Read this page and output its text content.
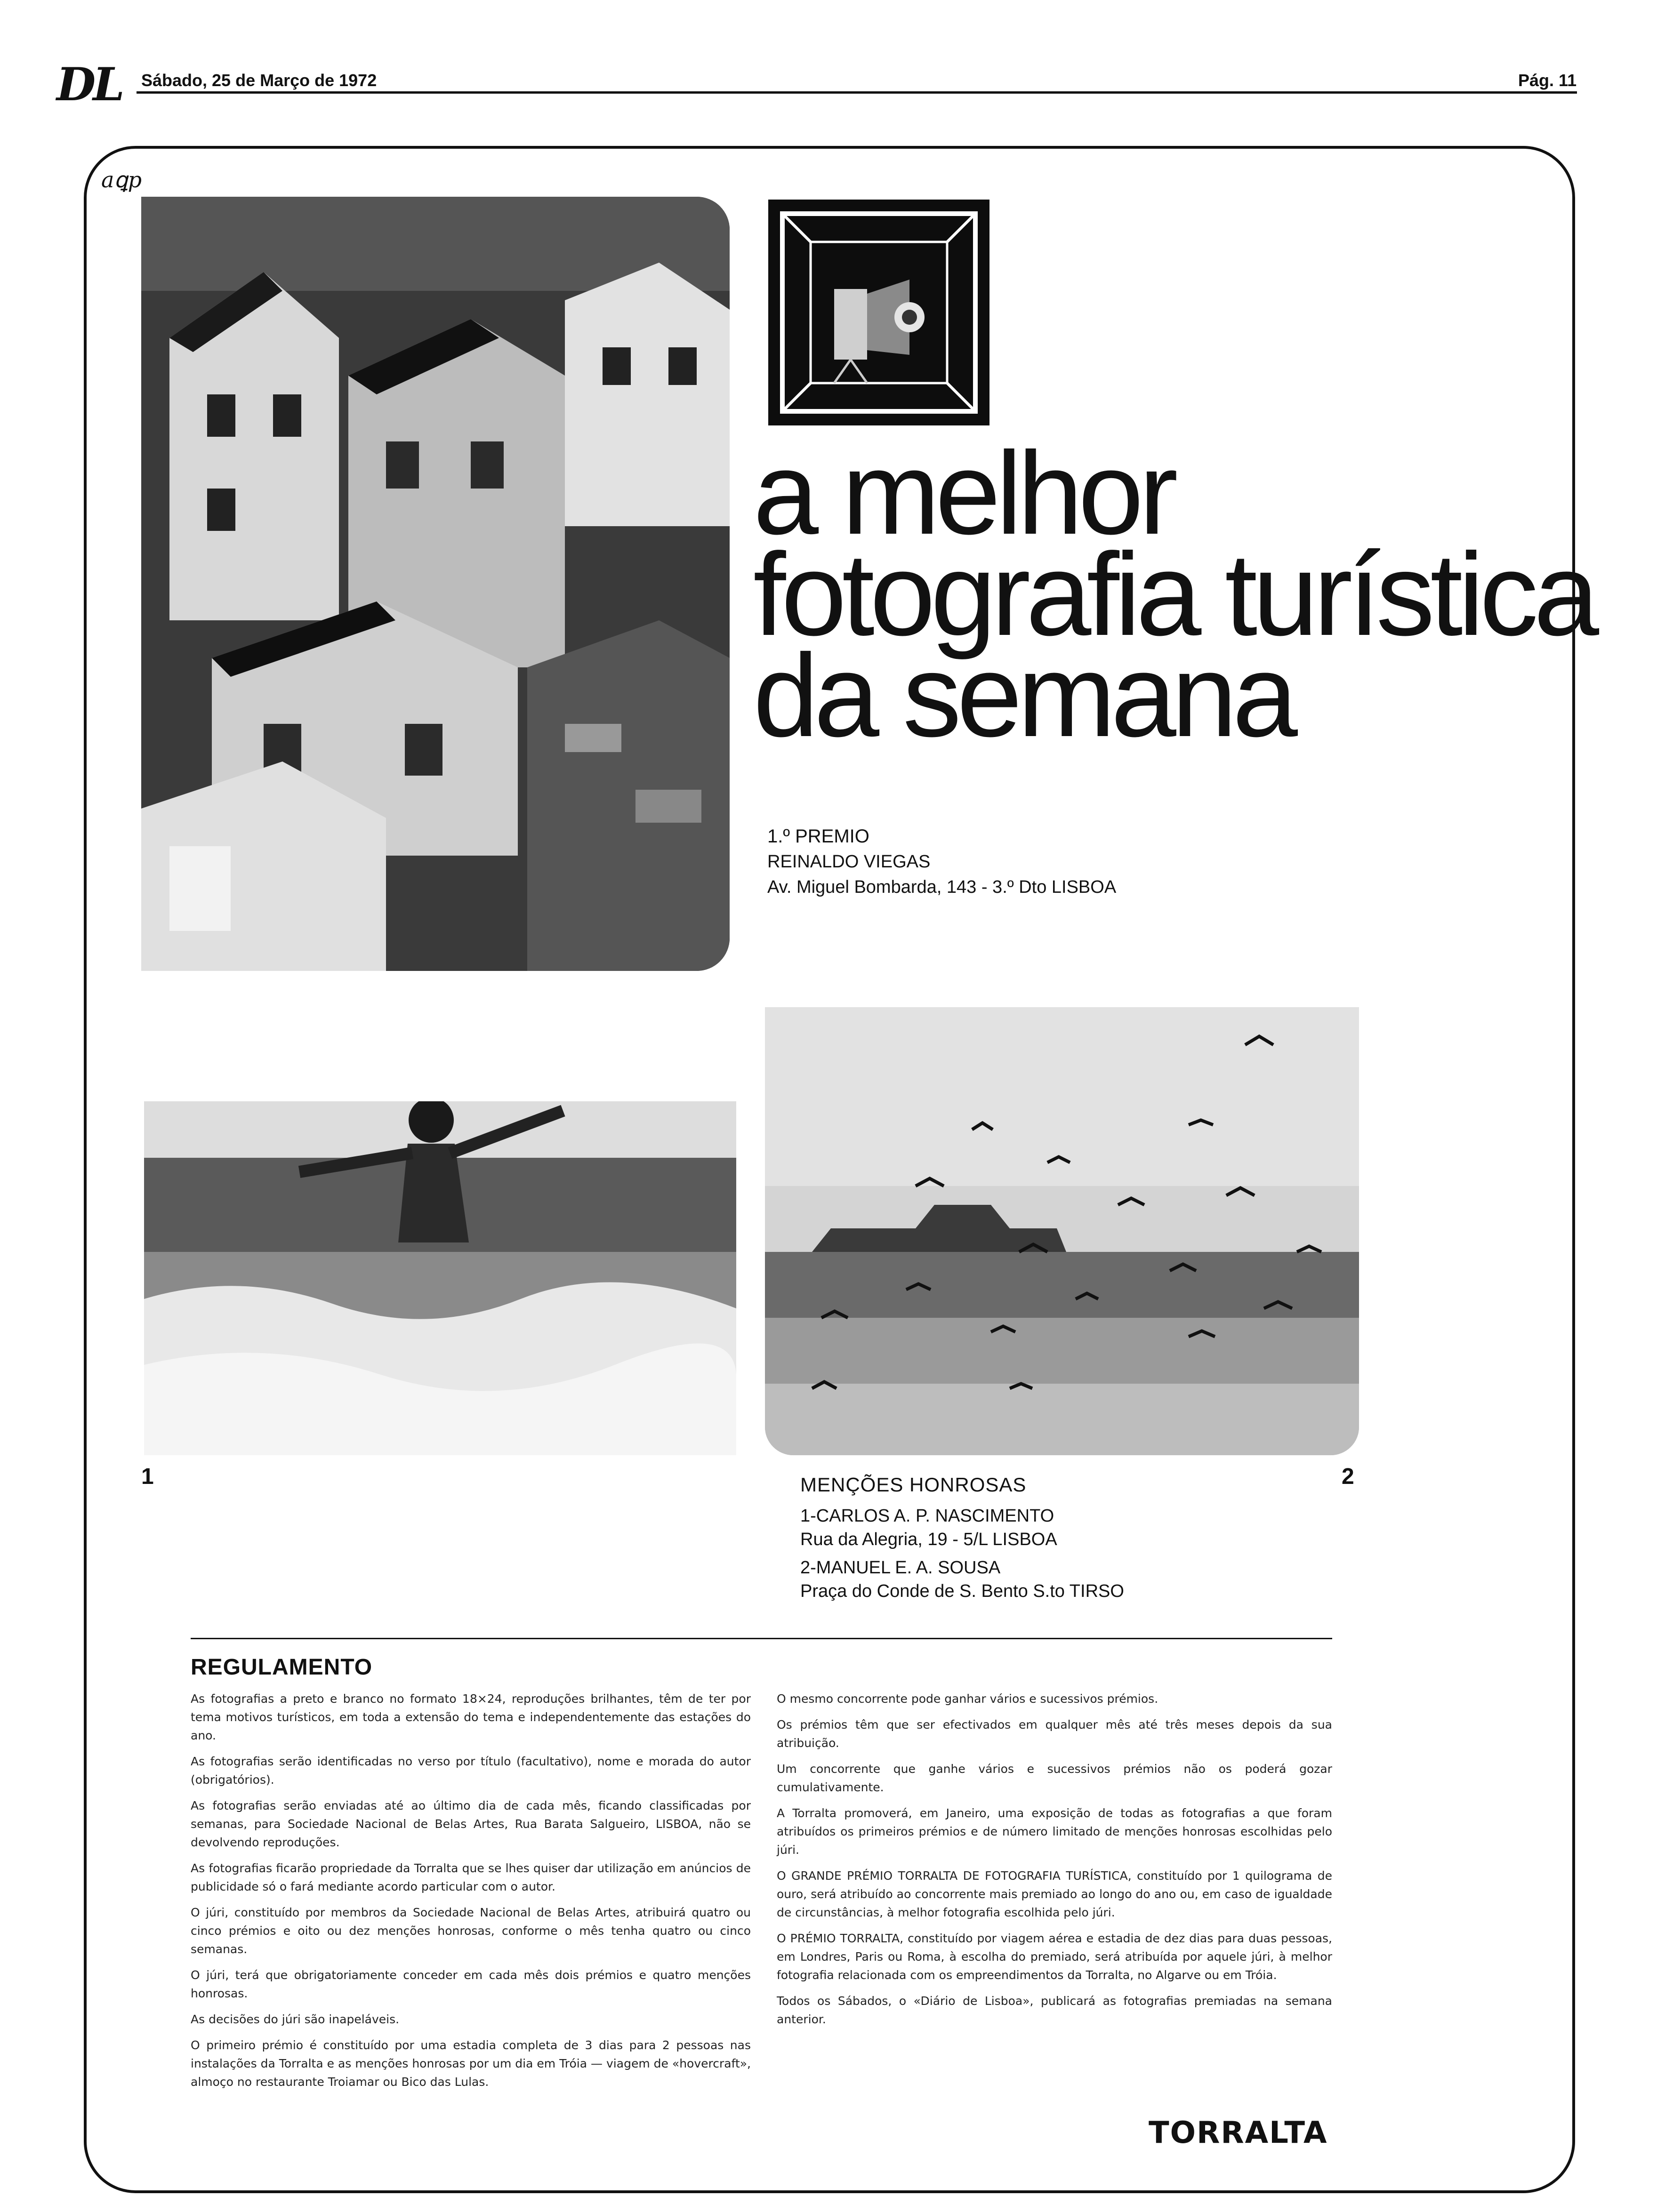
DL Sábado, 25 de Março de 1972	Pág. 11
aꝗp
a melhor
fotografia turística
da semana
1.º PREMIO
REINALDO VIEGAS
Av. Miguel Bombarda, 143 - 3.º Dto LISBOA
1	2
MENÇÕES HONROSAS
1-CARLOS A. P. NASCIMENTO
Rua da Alegria, 19 - 5/L LISBOA
2-MANUEL E. A. SOUSA
Praça do Conde de S. Bento S.to TIRSO
REGULAMENTO

As fotografias a preto e branco no formato 18×24, reproduções brilhantes, têm de ter por tema motivos turísticos, em toda a extensão do tema e independentemente das estações do ano.

As fotografias serão identificadas no verso por título (facultativo), nome e morada do autor (obrigatórios).

As fotografias serão enviadas até ao último dia de cada mês, ficando classificadas por semanas, para Sociedade Nacional de Belas Artes, Rua Barata Salgueiro, LISBOA, não se devolvendo reproduções.

As fotografias ficarão propriedade da Torralta que se lhes quiser dar utilização em anúncios de publicidade só o fará mediante acordo particular com o autor.

O júri, constituído por membros da Sociedade Nacional de Belas Artes, atribuirá quatro ou cinco prémios e oito ou dez menções honrosas, conforme o mês tenha quatro ou cinco semanas.

O júri, terá que obrigatoriamente conceder em cada mês dois prémios e quatro menções honrosas.

As decisões do júri são inapeláveis.

O primeiro prémio é constituído por uma estadia completa de 3 dias para 2 pessoas nas instalações da Torralta e as menções honrosas por um dia em Tróia — viagem de «hovercraft», almoço no restaurante Troiamar ou Bico das Lulas.

O mesmo concorrente pode ganhar vários e sucessivos prémios.

Os prémios têm que ser efectivados em qualquer mês até três meses depois da sua atribuição.

Um concorrente que ganhe vários e sucessivos prémios não os poderá gozar cumulativamente.

A Torralta promoverá, em Janeiro, uma exposição de todas as fotografias a que foram atribuídos os primeiros prémios e de número limitado de menções honrosas escolhidas pelo júri.

O GRANDE PRÉMIO TORRALTA DE FOTOGRAFIA TURÍSTICA, constituído por 1 quilograma de ouro, será atribuído ao concorrente mais premiado ao longo do ano ou, em caso de igualdade de circunstâncias, à melhor fotografia escolhida pelo júri.

O PRÉMIO TORRALTA, constituído por viagem aérea e estadia de dez dias para duas pessoas, em Londres, Paris ou Roma, à escolha do premiado, será atribuída por aquele júri, à melhor fotografia relacionada com os empreendimentos da Torralta, no Algarve ou em Tróia.

Todos os Sábados, o «Diário de Lisboa», publicará as fotografias premiadas na semana anterior.

TORRALTA
